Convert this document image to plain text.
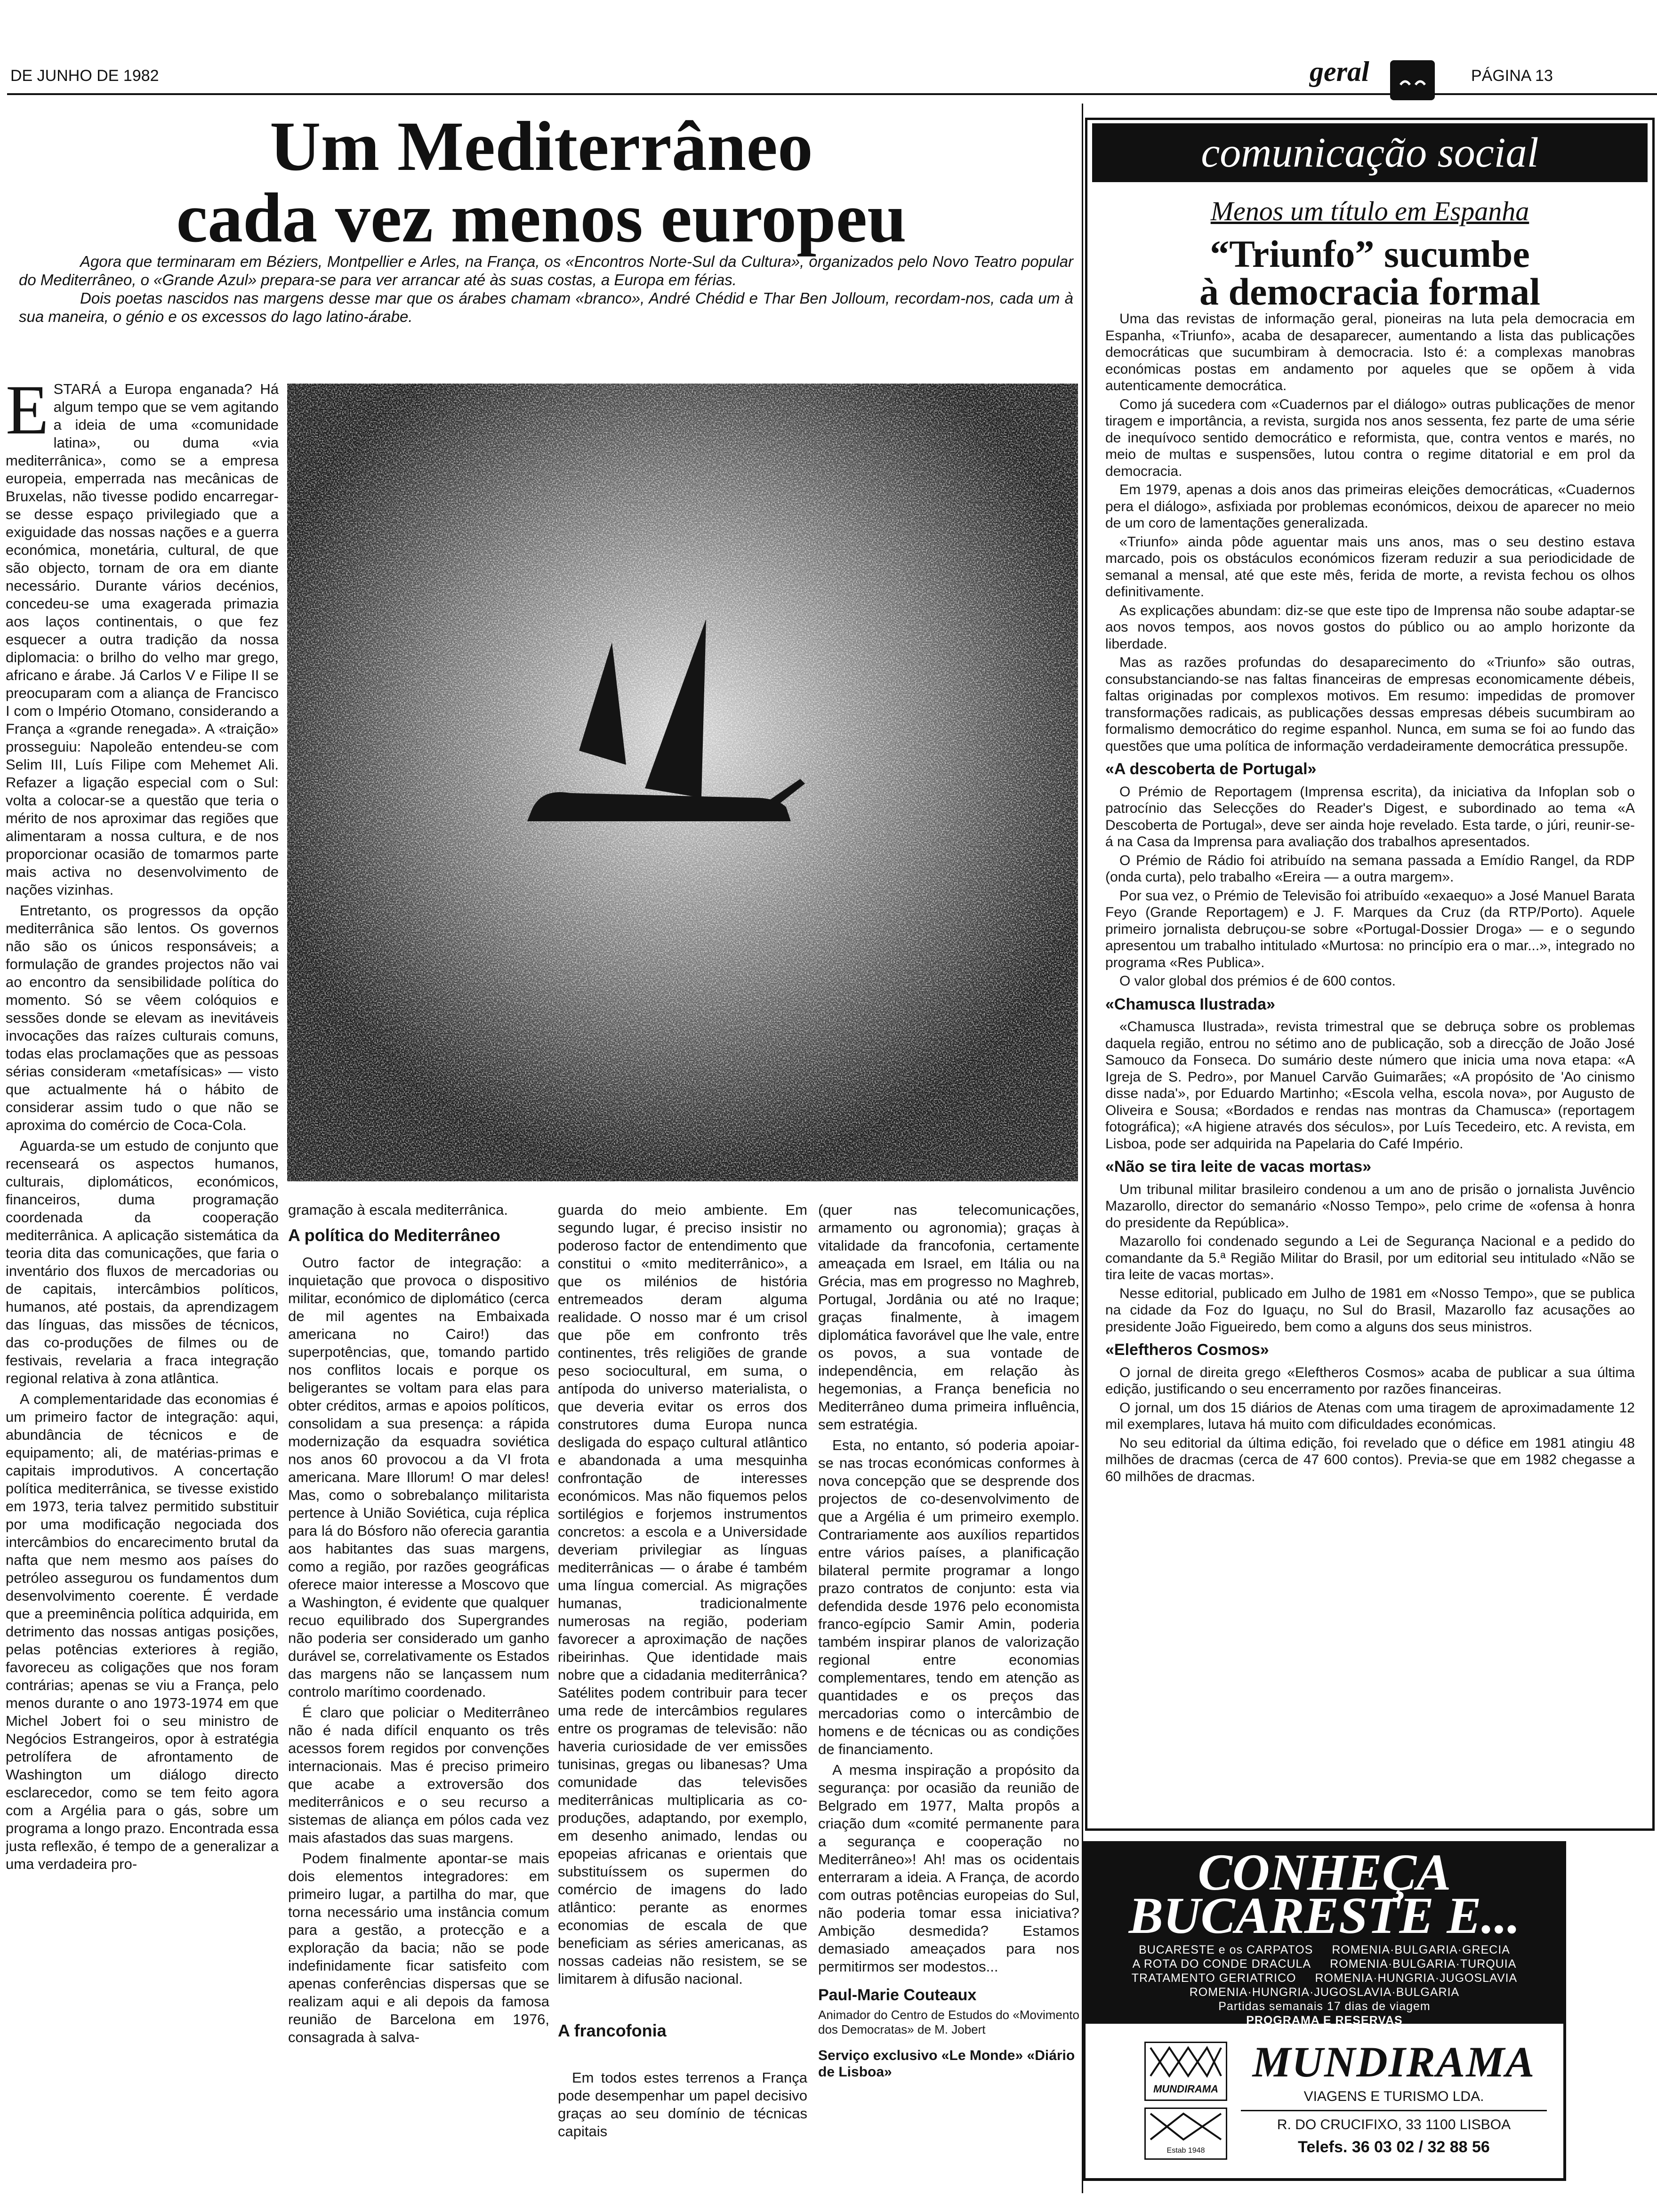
DE JUNHO DE 1982	geral	PÁGINA 13
Um Mediterrâneo
cada vez menos europeu

Agora que terminaram em Béziers, Montpellier e Arles, na França, os «Encontros Norte-Sul da Cultura», organizados pelo Novo Teatro popular do Mediterrâneo, o «Grande Azul» prepara-se para ver arrancar até às suas costas, a Europa em férias.

Dois poetas nascidos nas margens desse mar que os árabes chamam «branco», André Chédid e Thar Ben Jolloum, recordam-nos, cada um à sua maneira, o génio e os excessos do lago latino-árabe.

E STARÁ a Europa enganada? Há algum tempo que se vem agitando a ideia de uma «comunidade latina», ou duma «via mediterrânica», como se a empresa europeia, emperrada nas mecânicas de Bruxelas, não tivesse podido encarregar-se desse espaço privilegiado que a exiguidade das nossas nações e a guerra económica, monetária, cultural, de que são objecto, tornam de ora em diante necessário. Durante vários decénios, concedeu-se uma exagerada primazia aos laços continentais, o que fez esquecer a outra tradição da nossa diplomacia: o brilho do velho mar grego, africano e árabe. Já Carlos V e Filipe II se preocuparam com a aliança de Francisco I com o Império Otomano, considerando a França a «grande renegada». A «traição» prosseguiu: Napoleão entendeu-se com Selim III, Luís Filipe com Mehemet Ali. Refazer a ligação especial com o Sul: volta a colocar-se a questão que teria o mérito de nos aproximar das regiões que alimentaram a nossa cultura, e de nos proporcionar ocasião de tomarmos parte mais activa no desenvolvimento de nações vizinhas.

Entretanto, os progressos da opção mediterrânica são lentos. Os governos não são os únicos responsáveis; a formulação de grandes projectos não vai ao encontro da sensibilidade política do momento. Só se vêem colóquios e sessões donde se elevam as inevitáveis invocações das raízes culturais comuns, todas elas proclamações que as pessoas sérias consideram «metafísicas» — visto que actualmente há o hábito de considerar assim tudo o que não se aproxima do comércio de Coca-Cola.

Aguarda-se um estudo de conjunto que recenseará os aspectos humanos, culturais, diplomáticos, económicos, financeiros, duma programação coordenada da cooperação mediterrânica. A aplicação sistemática da teoria dita das comunicações, que faria o inventário dos fluxos de mercadorias ou de capitais, intercâmbios políticos, humanos, até postais, da aprendizagem das línguas, das missões de técnicos, das co-produções de filmes ou de festivais, revelaria a fraca integração regional relativa à zona atlântica.

A complementaridade das economias é um primeiro factor de integração: aqui, abundância de técnicos e de equipamento; ali, de matérias-primas e capitais improdutivos. A concertação política mediterrânica, se tivesse existido em 1973, teria talvez permitido substituir por uma modificação negociada dos intercâmbios do encarecimento brutal da nafta que nem mesmo aos países do petróleo assegurou os fundamentos dum desenvolvimento coerente. É verdade que a preeminência política adquirida, em detrimento das nossas antigas posições, pelas potências exteriores à região, favoreceu as coligações que nos foram contrárias; apenas se viu a França, pelo menos durante o ano 1973-1974 em que Michel Jobert foi o seu ministro de Negócios Estrangeiros, opor à estratégia petrolífera de afrontamento de Washington um diálogo directo esclarecedor, como se tem feito agora com a Argélia para o gás, sobre um programa a longo prazo. Encontrada essa justa reflexão, é tempo de a generalizar a uma verdadeira pro-

gramação à escala mediterrânica.

A política do Mediterrâneo

Outro factor de integração: a inquietação que provoca o dispositivo militar, económico de diplomático (cerca de mil agentes na Embaixada americana no Cairo!) das superpotências, que, tomando partido nos conflitos locais e porque os beligerantes se voltam para elas para obter créditos, armas e apoios políticos, consolidam a sua presença: a rápida modernização da esquadra soviética nos anos 60 provocou a da VI frota americana. Mare Illorum! O mar deles! Mas, como o sobrebalanço militarista pertence à União Soviética, cuja réplica para lá do Bósforo não oferecia garantia aos habitantes das suas margens, como a região, por razões geográficas oferece maior interesse a Moscovo que a Washington, é evidente que qualquer recuo equilibrado dos Supergrandes não poderia ser considerado um ganho durável se, correlativamente os Estados das margens não se lançassem num controlo marítimo coordenado.

É claro que policiar o Mediterrâneo não é nada difícil enquanto os três acessos forem regidos por convenções internacionais. Mas é preciso primeiro que acabe a extroversão dos mediterrânicos e o seu recurso a sistemas de aliança em pólos cada vez mais afastados das suas margens.

Podem finalmente apontar-se mais dois elementos integradores: em primeiro lugar, a partilha do mar, que torna necessário uma instância comum para a gestão, a protecção e a exploração da bacia; não se pode indefinidamente ficar satisfeito com apenas conferências dispersas que se realizam aqui e ali depois da famosa reunião de Barcelona em 1976, consagrada à salva-

guarda do meio ambiente. Em segundo lugar, é preciso insistir no poderoso factor de entendimento que constitui o «mito mediterrânico», a que os milénios de história entremeados deram alguma realidade. O nosso mar é um crisol que põe em confronto três continentes, três religiões de grande peso sociocultural, em suma, o antípoda do universo materialista, o que deveria evitar os erros dos construtores duma Europa nunca desligada do espaço cultural atlântico e abandonada a uma mesquinha confrontação de interesses económicos. Mas não fiquemos pelos sortilégios e forjemos instrumentos concretos: a escola e a Universidade deveriam privilegiar as línguas mediterrânicas — o árabe é também uma língua comercial. As migrações humanas, tradicionalmente numerosas na região, poderiam favorecer a aproximação de nações ribeirinhas. Que identidade mais nobre que a cidadania mediterrânica? Satélites podem contribuir para tecer uma rede de intercâmbios regulares entre os programas de televisão: não haveria curiosidade de ver emissões tunisinas, gregas ou libanesas? Uma comunidade das televisões mediterrânicas multiplicaria as co-produções, adaptando, por exemplo, em desenho animado, lendas ou epopeias africanas e orientais que substituíssem os supermen do comércio de imagens do lado atlântico: perante as enormes economias de escala de que beneficiam as séries americanas, as nossas cadeias não resistem, se se limitarem à difusão nacional.

A francofonia

Em todos estes terrenos a França pode desempenhar um papel decisivo graças ao seu domínio de técnicas capitais

(quer nas telecomunicações, armamento ou agronomia); graças à vitalidade da francofonia, certamente ameaçada em Israel, em Itália ou na Grécia, mas em progresso no Maghreb, Portugal, Jordânia ou até no Iraque; graças finalmente, à imagem diplomática favorável que lhe vale, entre os povos, a sua vontade de independência, em relação às hegemonias, a França beneficia no Mediterrâneo duma primeira influência, sem estratégia.

Esta, no entanto, só poderia apoiar-se nas trocas económicas conformes à nova concepção que se desprende dos projectos de co-desenvolvimento de que a Argélia é um primeiro exemplo. Contrariamente aos auxílios repartidos entre vários países, a planificação bilateral permite programar a longo prazo contratos de conjunto: esta via defendida desde 1976 pelo economista franco-egípcio Samir Amin, poderia também inspirar planos de valorização regional entre economias complementares, tendo em atenção as quantidades e os preços das mercadorias como o intercâmbio de homens e de técnicas ou as condições de financiamento.

A mesma inspiração a propósito da segurança: por ocasião da reunião de Belgrado em 1977, Malta propôs a criação dum «comité permanente para a segurança e cooperação no Mediterrâneo»! Ah! mas os ocidentais enterraram a ideia. A França, de acordo com outras potências europeias do Sul, não poderia tomar essa iniciativa? Ambição desmedida? Estamos demasiado ameaçados para nos permitirmos ser modestos...

Paul-Marie Couteaux
Animador do Centro de Estudos do «Movimento dos Democratas» de M. Jobert
Serviço exclusivo «Le Monde» «Diário de Lisboa»
comunicação social
Menos um título em Espanha
“Triunfo” sucumbe
à democracia formal

Uma das revistas de informação geral, pioneiras na luta pela democracia em Espanha, «Triunfo», acaba de desaparecer, aumentando a lista das publicações democráticas que sucumbiram à democracia. Isto é: a complexas manobras económicas postas em andamento por aqueles que se opõem à vida autenticamente democrática.

Como já sucedera com «Cuadernos par el diálogo» outras publicações de menor tiragem e importância, a revista, surgida nos anos sessenta, fez parte de uma série de inequívoco sentido democrático e reformista, que, contra ventos e marés, no meio de multas e suspensões, lutou contra o regime ditatorial e em prol da democracia.

Em 1979, apenas a dois anos das primeiras eleições democráticas, «Cuadernos pera el diálogo», asfixiada por problemas económicos, deixou de aparecer no meio de um coro de lamentações generalizada.

«Triunfo» ainda pôde aguentar mais uns anos, mas o seu destino estava marcado, pois os obstáculos económicos fizeram reduzir a sua periodicidade de semanal a mensal, até que este mês, ferida de morte, a revista fechou os olhos definitivamente.

As explicações abundam: diz-se que este tipo de Imprensa não soube adaptar-se aos novos tempos, aos novos gostos do público ou ao amplo horizonte da liberdade.

Mas as razões profundas do desaparecimento do «Triunfo» são outras, consubstanciando-se nas faltas financeiras de empresas economicamente débeis, faltas originadas por complexos motivos. Em resumo: impedidas de promover transformações radicais, as publicações dessas empresas débeis sucumbiram ao formalismo democrático do regime espanhol. Nunca, em suma se foi ao fundo das questões que uma política de informação verdadeiramente democrática pressupõe.

«A descoberta de Portugal»

O Prémio de Reportagem (Imprensa escrita), da iniciativa da Infoplan sob o patrocínio das Selecções do Reader's Digest, e subordinado ao tema «A Descoberta de Portugal», deve ser ainda hoje revelado. Esta tarde, o júri, reunir-se-á na Casa da Imprensa para avaliação dos trabalhos apresentados.

O Prémio de Rádio foi atribuído na semana passada a Emídio Rangel, da RDP (onda curta), pelo trabalho «Ereira — a outra margem».

Por sua vez, o Prémio de Televisão foi atribuído «exaequo» a José Manuel Barata Feyo (Grande Reportagem) e J. F. Marques da Cruz (da RTP/Porto). Aquele primeiro jornalista debruçou-se sobre «Portugal-Dossier Droga» — e o segundo apresentou um trabalho intitulado «Murtosa: no princípio era o mar...», integrado no programa «Res Publica».

O valor global dos prémios é de 600 contos.

«Chamusca Ilustrada»

«Chamusca Ilustrada», revista trimestral que se debruça sobre os problemas daquela região, entrou no sétimo ano de publicação, sob a direcção de João José Samouco da Fonseca. Do sumário deste número que inicia uma nova etapa: «A Igreja de S. Pedro», por Manuel Carvão Guimarães; «A propósito de 'Ao cinismo disse nada'», por Eduardo Martinho; «Escola velha, escola nova», por Augusto de Oliveira e Sousa; «Bordados e rendas nas montras da Chamusca» (reportagem fotográfica); «A higiene através dos séculos», por Luís Tecedeiro, etc. A revista, em Lisboa, pode ser adquirida na Papelaria do Café Império.

«Não se tira leite de vacas mortas»

Um tribunal militar brasileiro condenou a um ano de prisão o jornalista Juvêncio Mazarollo, director do semanário «Nosso Tempo», pelo crime de «ofensa à honra do presidente da República».

Mazarollo foi condenado segundo a Lei de Segurança Nacional e a pedido do comandante da 5.ª Região Militar do Brasil, por um editorial seu intitulado «Não se tira leite de vacas mortas».

Nesse editorial, publicado em Julho de 1981 em «Nosso Tempo», que se publica na cidade da Foz do Iguaçu, no Sul do Brasil, Mazarollo faz acusações ao presidente João Figueiredo, bem como a alguns dos seus ministros.

«Eleftheros Cosmos»

O jornal de direita grego «Eleftheros Cosmos» acaba de publicar a sua última edição, justificando o seu encerramento por razões financeiras.

O jornal, um dos 15 diários de Atenas com uma tiragem de aproximadamente 12 mil exemplares, lutava há muito com dificuldades económicas.

No seu editorial da última edição, foi revelado que o défice em 1981 atingiu 48 milhões de dracmas (cerca de 47 600 contos). Previa-se que em 1982 chegasse a 60 milhões de dracmas.

CONHEÇA
BUCARESTE E...
BUCARESTE e os CARPATOS ROMENIA·BULGARIA·GRECIA
A ROTA DO CONDE DRACULA ROMENIA·BULGARIA·TURQUIA
TRATAMENTO GERIATRICO ROMENIA·HUNGRIA·JUGOSLAVIA
ROMENIA·HUNGRIA·JUGOSLAVIA·BULGARIA
Partidas semanais 17 dias de viagem
PROGRAMA E RESERVAS
MUNDIRAMA
Estab 1948
MUNDIRAMA
VIAGENS E TURISMO LDA.
R. DO CRUCIFIXO, 33 1100 LISBOA
Telefs. 36 03 02 / 32 88 56
